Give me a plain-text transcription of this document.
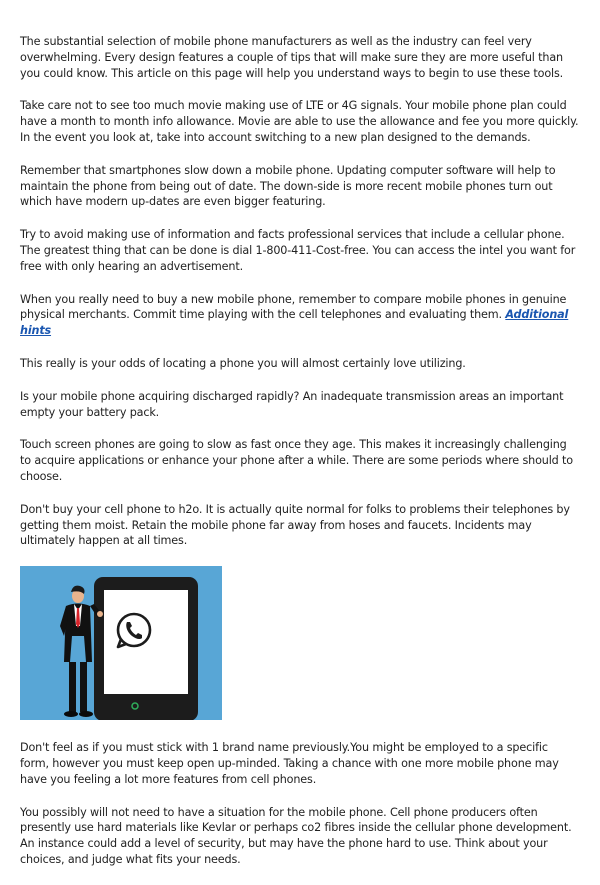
The substantial selection of mobile phone manufacturers as well as the industry can feel very overwhelming. Every design features a couple of tips that will make sure they are more useful than you could know. This article on this page will help you understand ways to begin to use these tools.

Take care not to see too much movie making use of LTE or 4G signals. Your mobile phone plan could have a month to month info allowance. Movie are able to use the allowance and fee you more quickly. In the event you look at, take into account switching to a new plan designed to the demands.

Remember that smartphones slow down a mobile phone. Updating computer software will help to maintain the phone from being out of date. The down-side is more recent mobile phones turn out which have modern up-dates are even bigger featuring.

Try to avoid making use of information and facts professional services that include a cellular phone. The greatest thing that can be done is dial 1-800-411-Cost-free. You can access the intel you want for free with only hearing an advertisement.

When you really need to buy a new mobile phone, remember to compare mobile phones in genuine physical merchants. Commit time playing with the cell telephones and evaluating them. Additional hints

This really is your odds of locating a phone you will almost certainly love utilizing.

Is your mobile phone acquiring discharged rapidly? An inadequate transmission areas an important empty your battery pack.

Touch screen phones are going to slow as fast once they age. This makes it increasingly challenging to acquire applications or enhance your phone after a while. There are some periods where should to choose.

Don't buy your cell phone to h2o. It is actually quite normal for folks to problems their telephones by getting them moist. Retain the mobile phone far away from hoses and faucets. Incidents may ultimately happen at all times.

Don't feel as if you must stick with 1 brand name previously.You might be employed to a specific form, however you must keep open up-minded. Taking a chance with one more mobile phone may have you feeling a lot more features from cell phones.

You possibly will not need to have a situation for the mobile phone. Cell phone producers often presently use hard materials like Kevlar or perhaps co2 fibres inside the cellular phone development. An instance could add a level of security, but may have the phone hard to use. Think about your choices, and judge what fits your needs.
